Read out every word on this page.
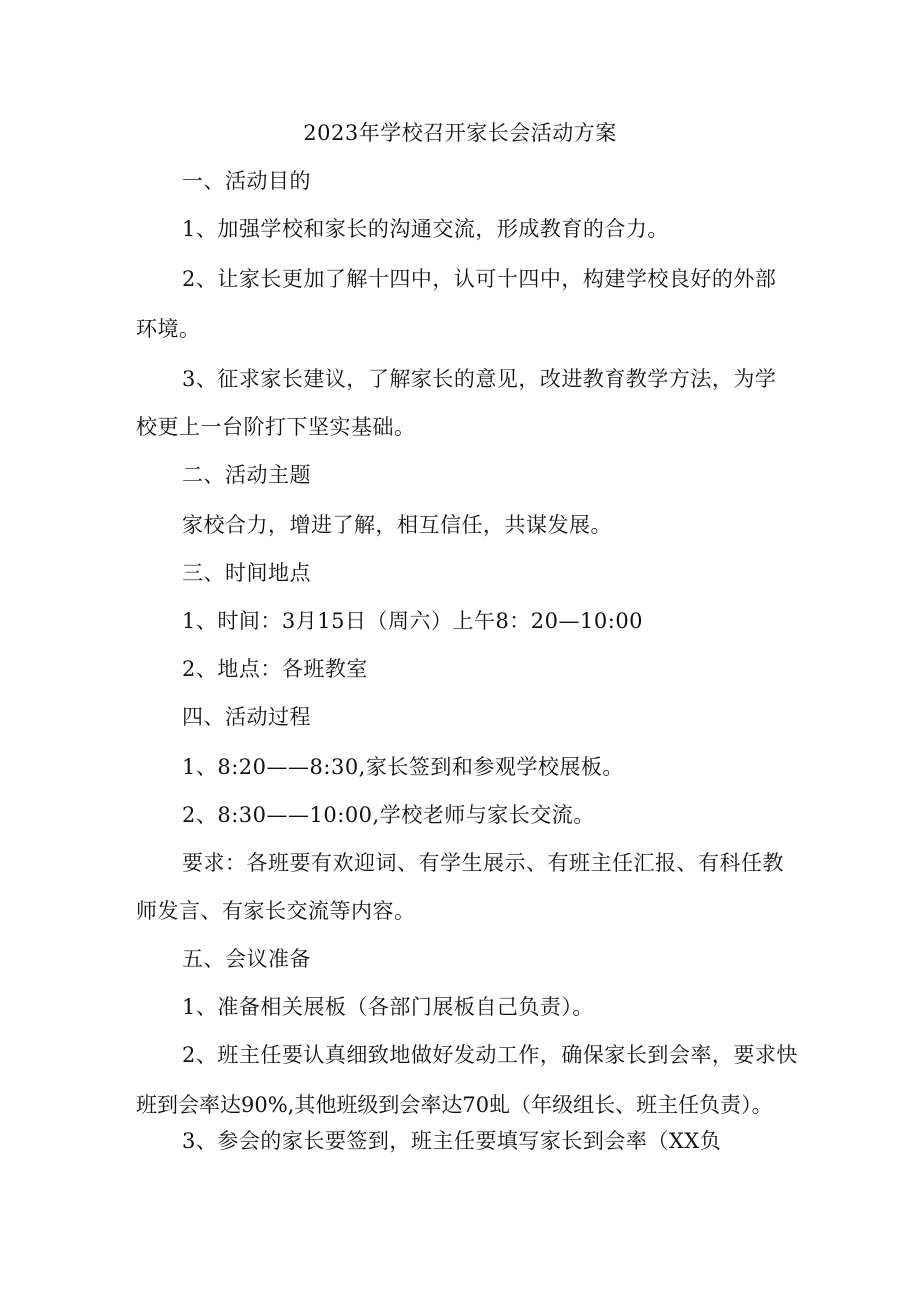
2023年学校召开家长会活动方案
一、活动目的
1、加强学校和家长的沟通交流，形成教育的合力。
2、让家长更加了解十四中，认可十四中，构建学校良好的外部
环境。
3、征求家长建议，了解家长的意见，改进教育教学方法，为学
校更上一台阶打下坚实基础。
二、活动主题
家校合力，增进了解，相互信任，共谋发展。
三、时间地点
1、时间：3月15日（周六）上午8：20—10:00
2、地点：各班教室
四、活动过程
1、8:20——8:30,家长签到和参观学校展板。
2、8:30——10:00,学校老师与家长交流。
要求：各班要有欢迎词、有学生展示、有班主任汇报、有科任教
师发言、有家长交流等内容。
五、会议准备
1、准备相关展板（各部门展板自己负责）。
2、班主任要认真细致地做好发动工作，确保家长到会率，要求快
班到会率达90%,其他班级到会率达70虬（年级组长、班主任负责）。
3、参会的家长要签到，班主任要填写家长到会率（XX负
